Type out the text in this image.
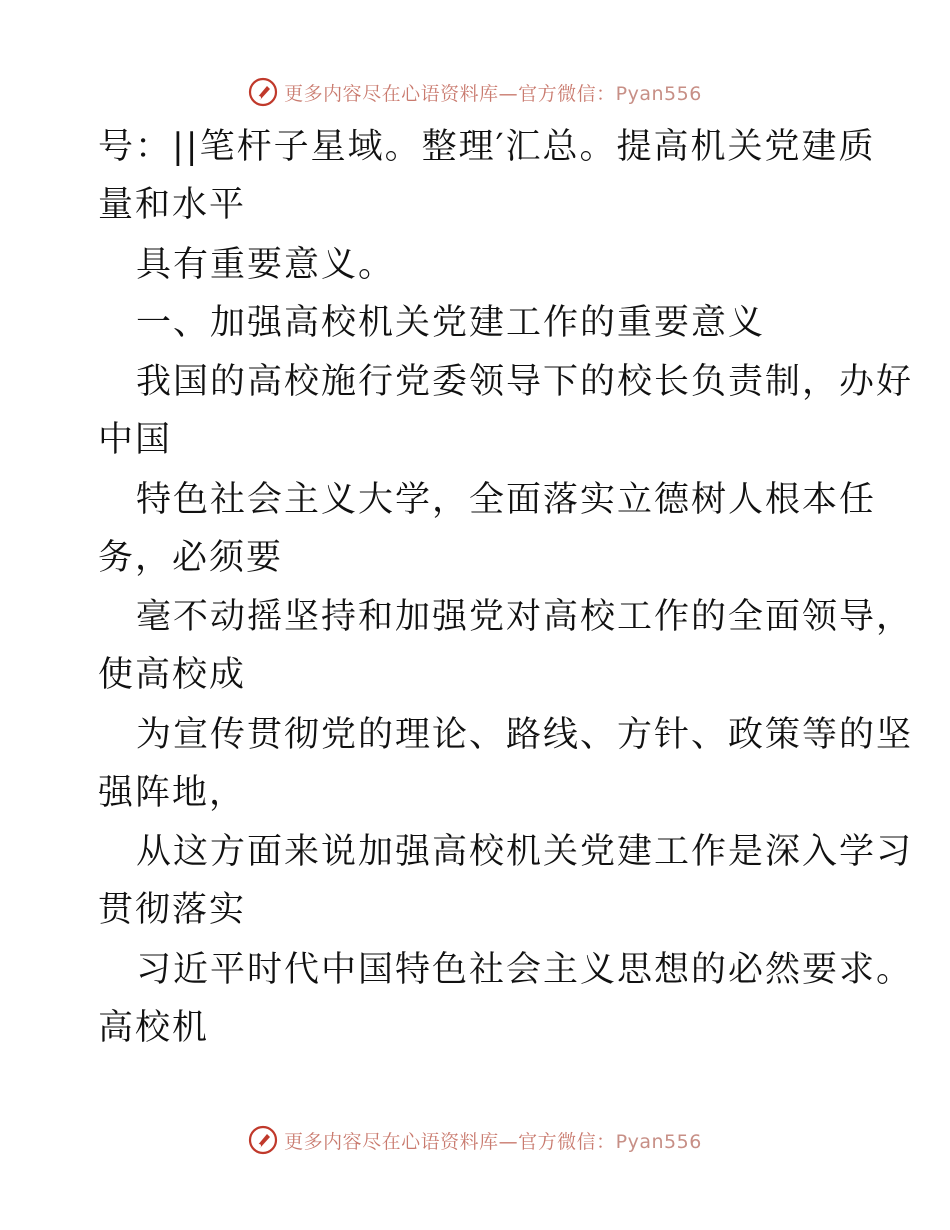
更多内容尽在心语资料库—官方微信：Pyan556
号：||笔杆子星域。整理′汇总。提高机关党建质
量和水平
具有重要意义。
一、加强高校机关党建工作的重要意义
我国的高校施行党委领导下的校长负责制，办好
中国
特色社会主义大学，全面落实立德树人根本任
务，必须要
毫不动摇坚持和加强党对高校工作的全面领导，
使高校成
为宣传贯彻党的理论、路线、方针、政策等的坚
强阵地，
从这方面来说加强高校机关党建工作是深入学习
贯彻落实
习近平时代中国特色社会主义思想的必然要求。
高校机
更多内容尽在心语资料库—官方微信：Pyan556
